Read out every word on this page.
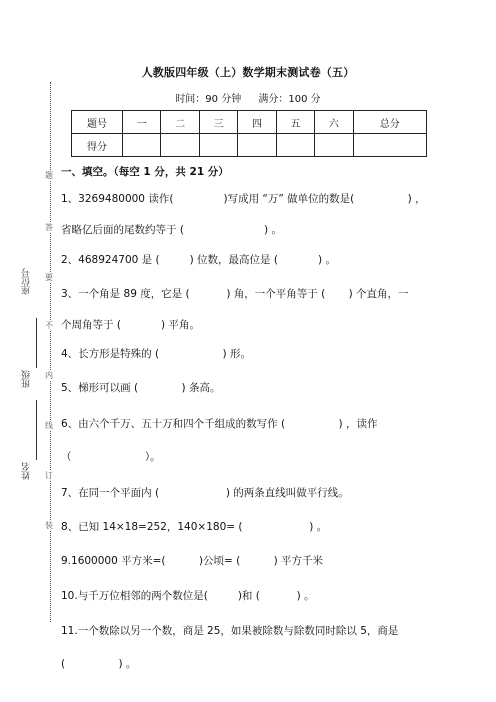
人教版四年级（上）数学期末测试卷（五）
时间：90 分钟 满分：100 分
题号	一	二	三	四	五	六	总分
得分							
题
答
要
不
内
线
订
装
座位号
班级
姓名
一、填空。（每空 1 分，共 21 分）
1、3269480000 读作(               )写成用 “万” 做单位的数是(                ) ，
省略亿后面的尾数约等于 (                        ) 。
2、468924700 是 (         ) 位数，最高位是 (            ) 。
3、一个角是 89 度，它是 (           ) 角，一个平角等于 (       ) 个直角，一
个周角等于 (            ) 平角。
4、长方形是特殊的 (                   ) 形。
5、梯形可以画 (             ) 条高。
6、由六个千万、五十万和四个千组成的数写作 (                ) ，读作
（                      ）。
7、在同一个平面内 (                    ) 的两条直线叫做平行线。
8、已知 14×18=252，140×180= (                    ) 。
9.1600000 平方米=(          )公顷= (          ) 平方千米
10.与千万位相邻的两个数位是(         )和 (           ) 。
11.一个数除以另一个数，商是 25，如果被除数与除数同时除以 5，商是
(                ) 。
